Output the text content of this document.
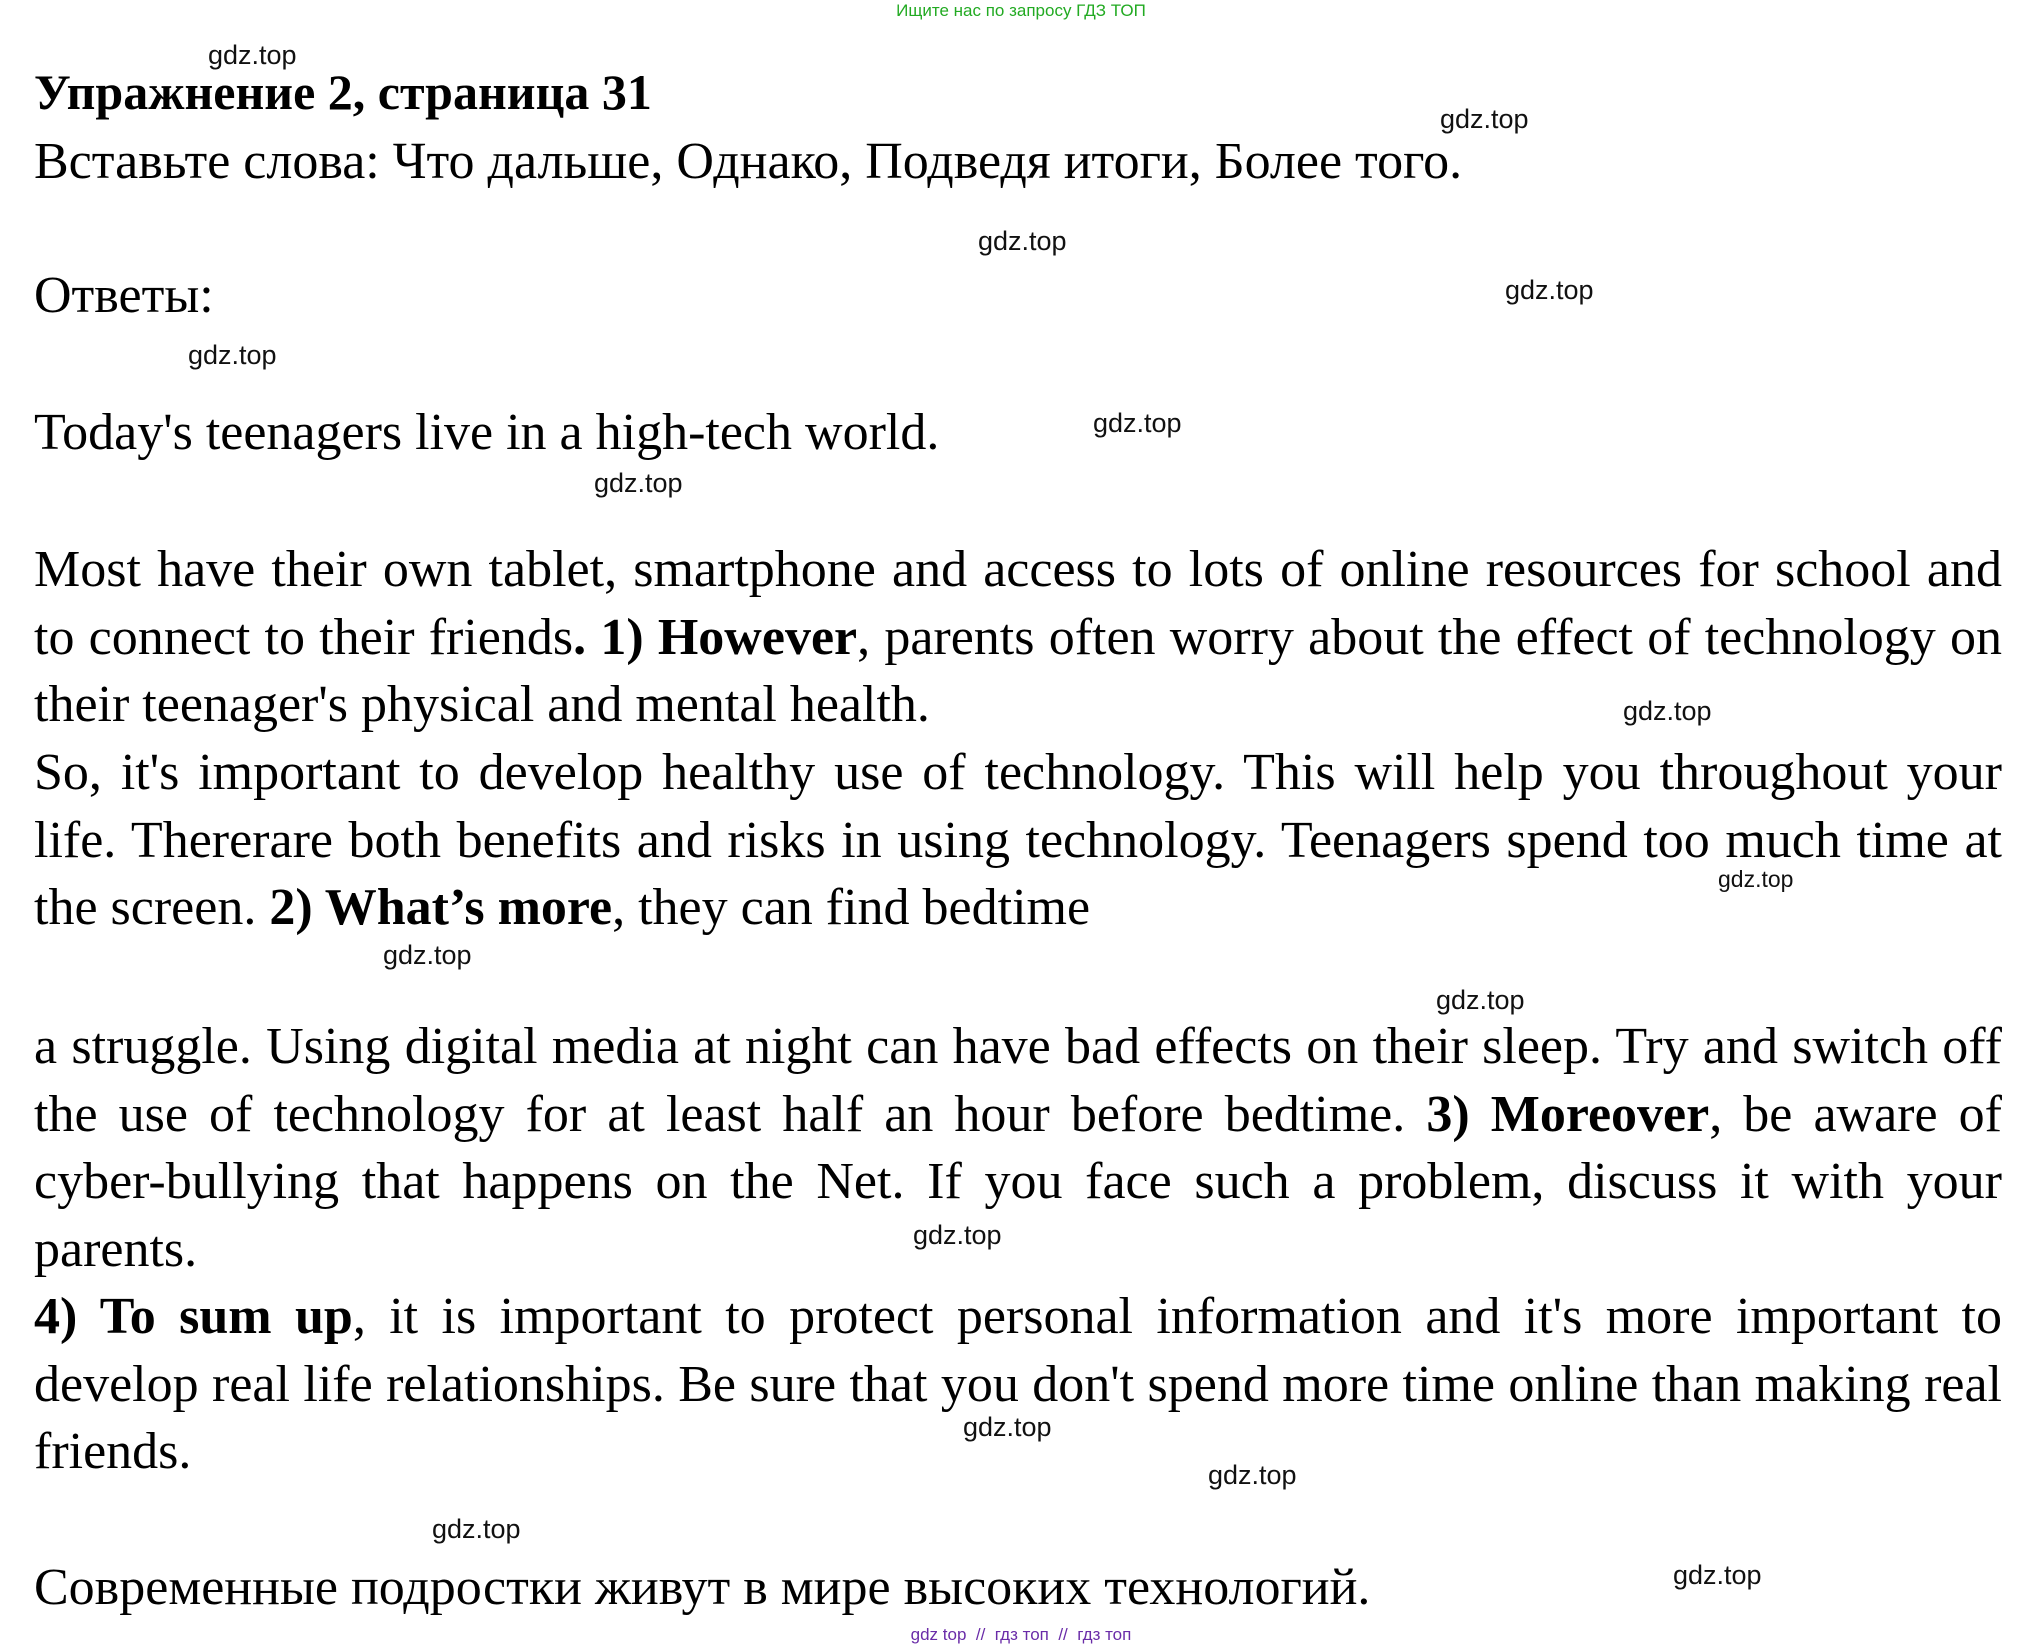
Ищите нас по запросу ГДЗ ТОП
gdz.top
Упражнение 2, страница 31	gdz.top
Вставьте слова: Что дальше, Однако, Подведя итоги, Более того.
gdz.top
Ответы:	gdz.top
gdz.top
Today's teenagers live in a high-tech world.	gdz.top
gdz.top
Most have their own tablet, smartphone and access to lots of online resources for school and to connect to their friends. 1) However, parents often worry about the effect of technology on their teenager's physical and mental health.	gdz.top
So, it's important to develop healthy use of technology. This will help you throughout your life. Thererare both benefits and risks in using technology. Teenagers spend too much time at the screen. 2) What’s more, they can find bedtime	gdz.top
gdz.top
gdz.top
a struggle. Using digital media at night can have bad effects on their sleep. Try and switch off the use of technology for at least half an hour before bedtime. 3) Moreover, be aware of cyber-bullying that happens on the Net. If you face such a problem, discuss it with your parents.	gdz.top
4) To sum up, it is important to protect personal information and it's more important to develop real life relationships. Be sure that you don't spend more time online than making real friends.	gdz.top
gdz.top
gdz.top
Современные подростки живут в мире высоких технологий.	gdz.top
gdz top  //  гдз топ  //  гдз топ
